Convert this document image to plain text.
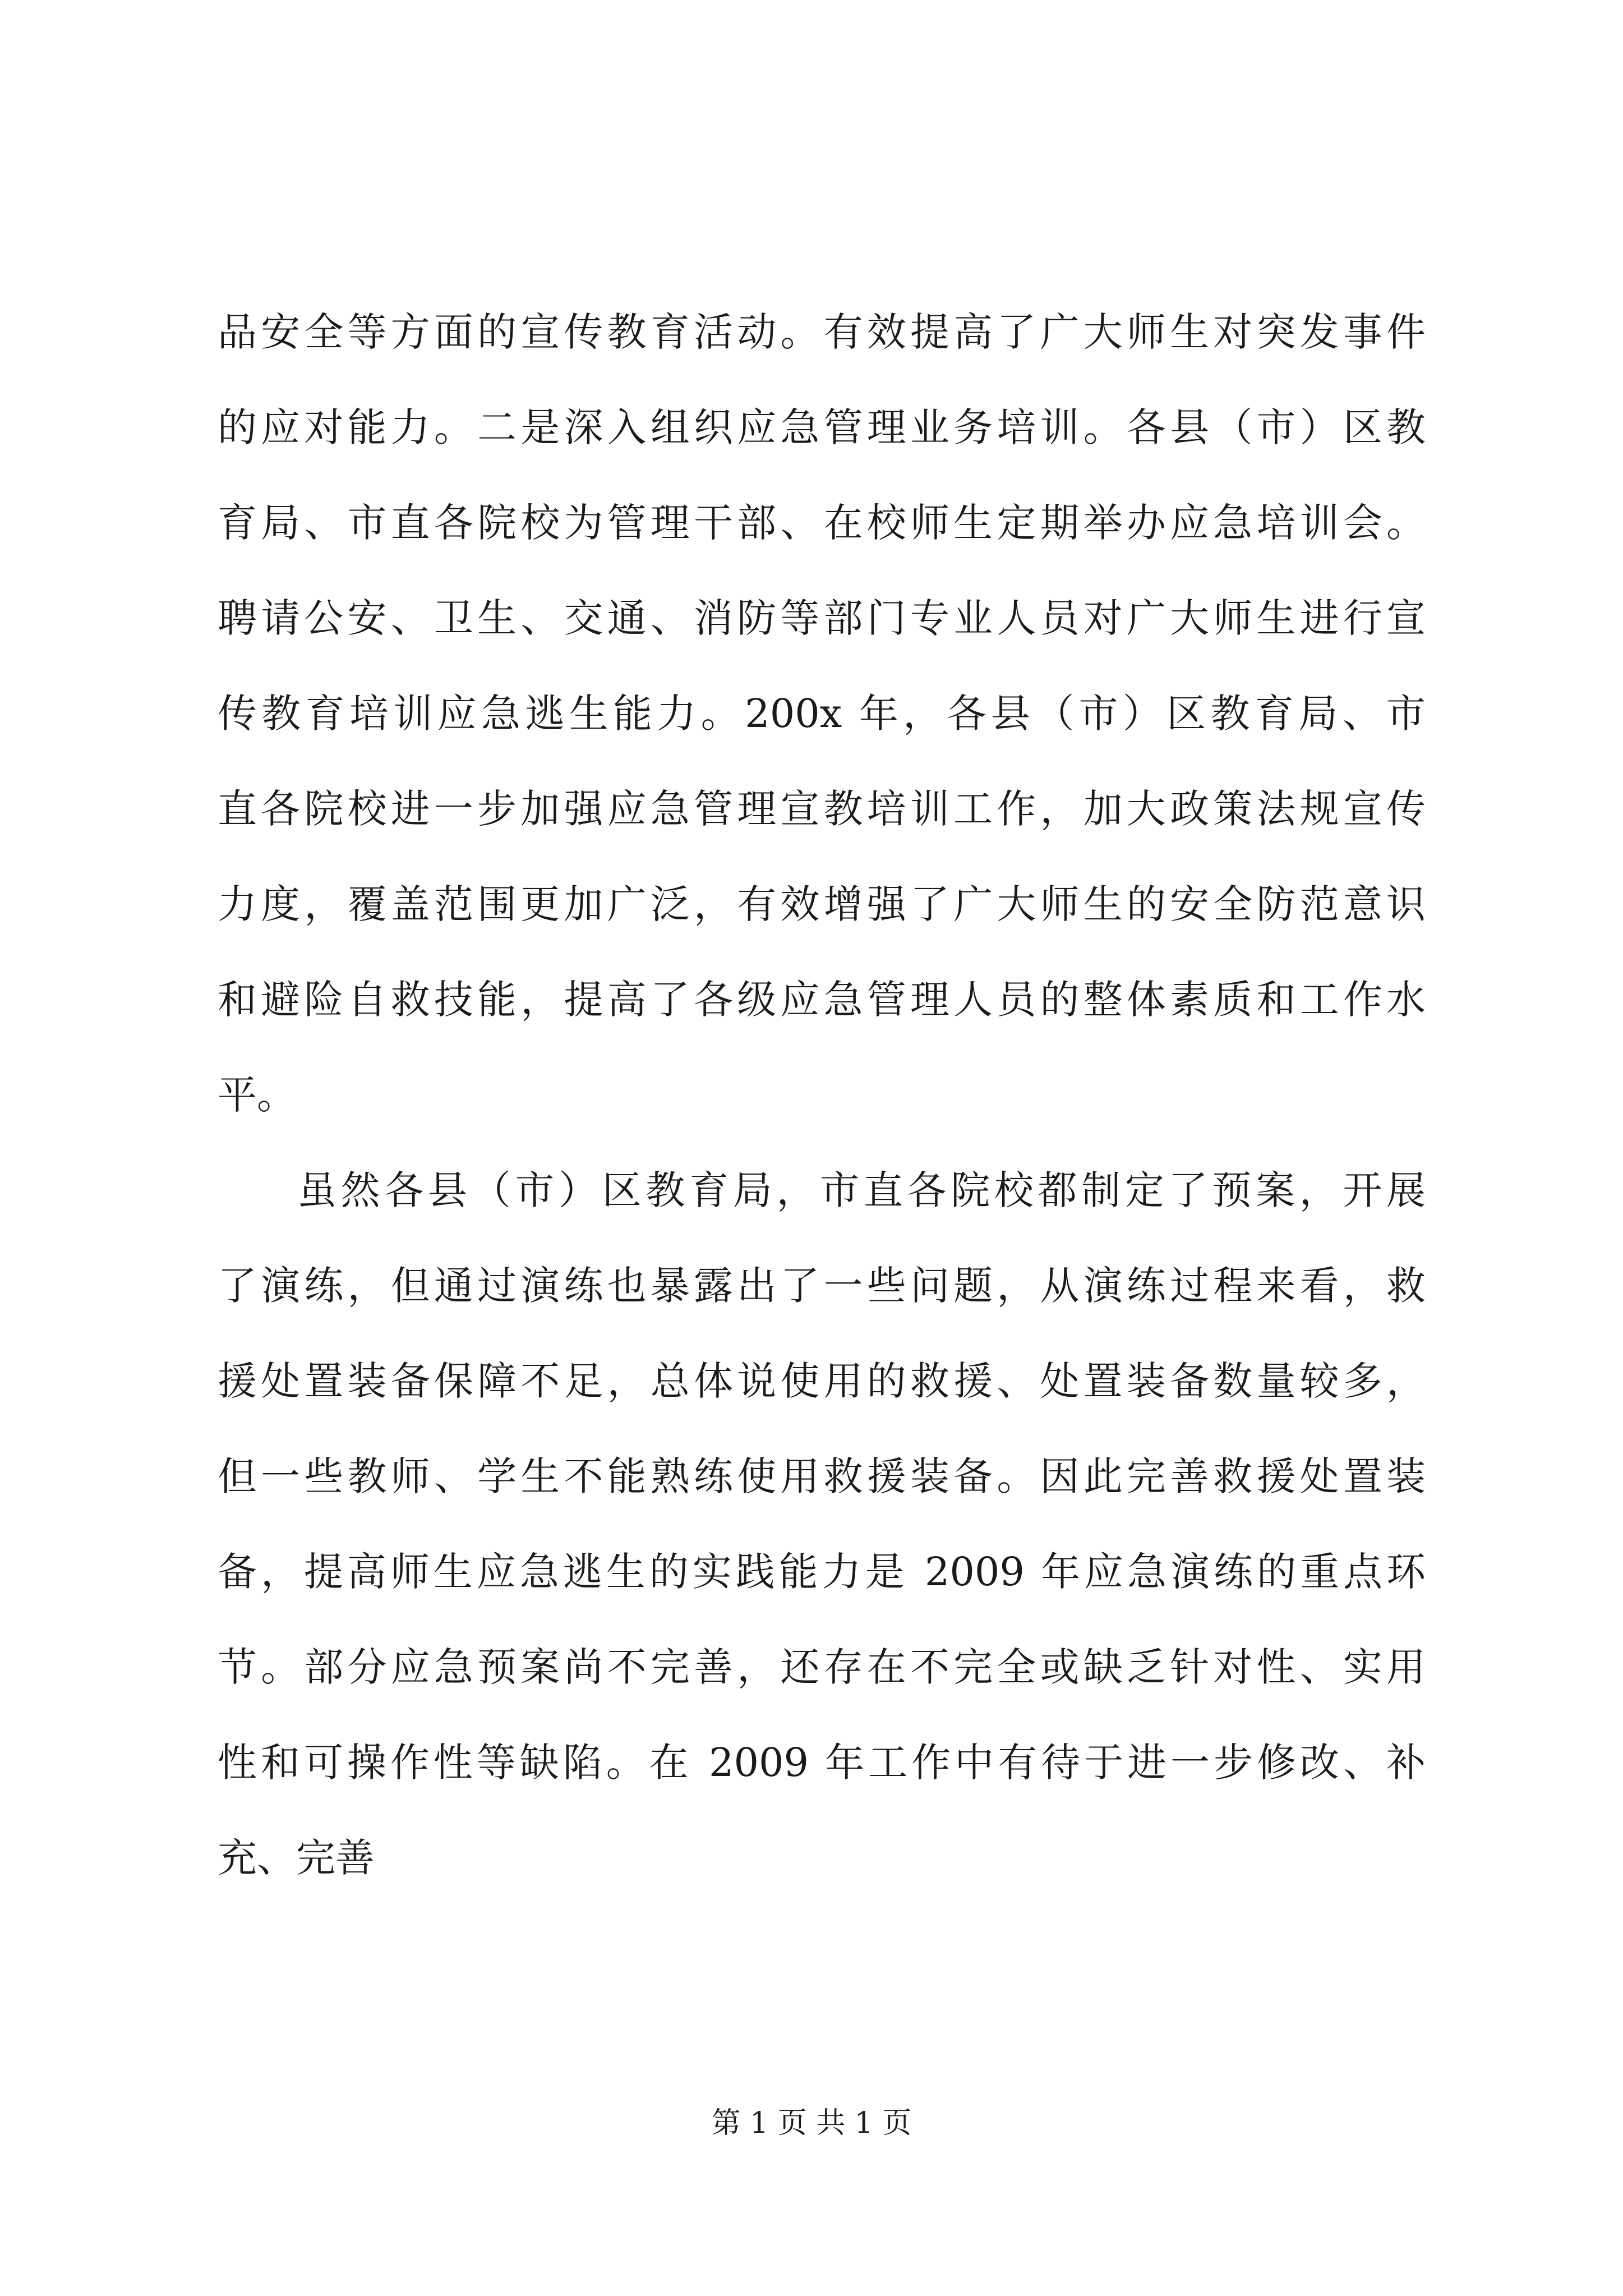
品安全等方面的宣传教育活动。有效提高了广大师生对突发事件
的应对能力。二是深入组织应急管理业务培训。各县（市）区教
育局、市直各院校为管理干部、在校师生定期举办应急培训会。
聘请公安、卫生、交通、消防等部门专业人员对广大师生进行宣
传教育培训应急逃生能力。200x 年，各县（市）区教育局、市
直各院校进一步加强应急管理宣教培训工作，加大政策法规宣传
力度，覆盖范围更加广泛，有效增强了广大师生的安全防范意识
和避险自救技能，提高了各级应急管理人员的整体素质和工作水
平。
虽然各县（市）区教育局，市直各院校都制定了预案，开展
了演练，但通过演练也暴露出了一些问题，从演练过程来看，救
援处置装备保障不足，总体说使用的救援、处置装备数量较多，
但一些教师、学生不能熟练使用救援装备。因此完善救援处置装
备，提高师生应急逃生的实践能力是 2009 年应急演练的重点环
节。部分应急预案尚不完善，还存在不完全或缺乏针对性、实用
性和可操作性等缺陷。在 2009 年工作中有待于进一步修改、补
充、完善
第 1 页 共 1 页
